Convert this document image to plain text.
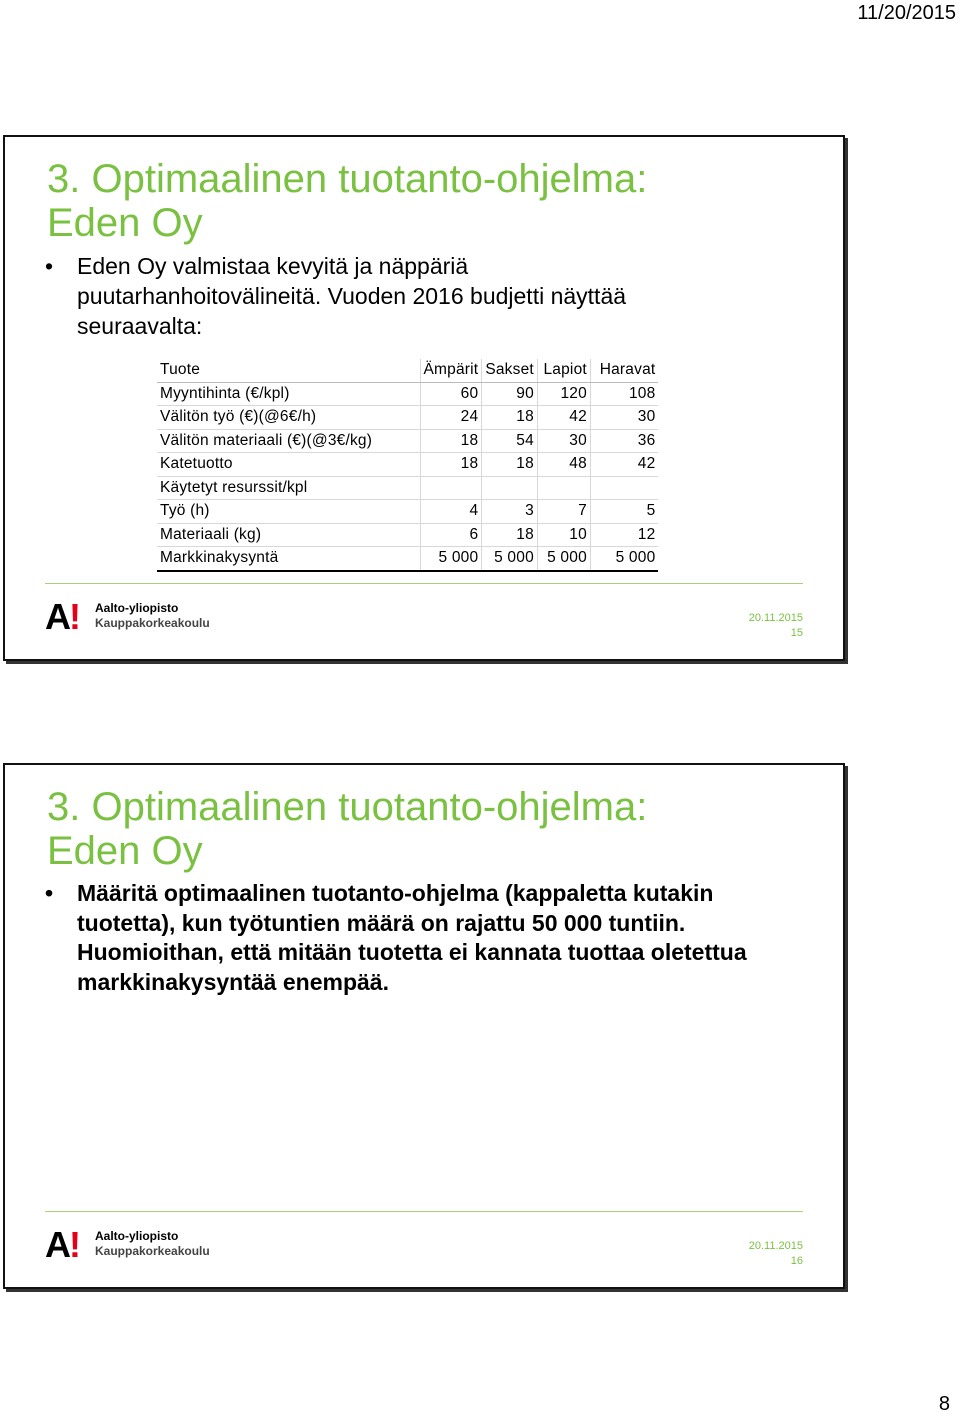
11/20/2015
3. Optimaalinen tuotanto-ohjelma:
Eden Oy
• Eden Oy valmistaa kevyitä ja näppäriä
puutarhanhoitovälineitä. Vuoden 2016 budjetti näyttää
seuraavalta:
Tuote	Ämpärit	Sakset	Lapiot	Haravat
Myyntihinta (€/kpl)	60	90	120	108
Välitön työ (€)(@6€/h)	24	18	42	30
Välitön materiaali (€)(@3€/kg)	18	54	30	36
Katetuotto	18	18	48	42
Käytetyt resurssit/kpl				
Työ (h)	4	3	7	5
Materiaali (kg)	6	18	10	12
Markkinakysyntä	5 000	5 000	5 000	5 000
A! Aalto-yliopisto
Kauppakorkeakoulu	20.11.2015
15
3. Optimaalinen tuotanto-ohjelma:
Eden Oy
• Määritä optimaalinen tuotanto-ohjelma (kappaletta kutakin
tuotetta), kun työtuntien määrä on rajattu 50 000 tuntiin.
Huomioithan, että mitään tuotetta ei kannata tuottaa oletettua
markkinakysyntää enempää.
A! Aalto-yliopisto
Kauppakorkeakoulu	20.11.2015
16
8
